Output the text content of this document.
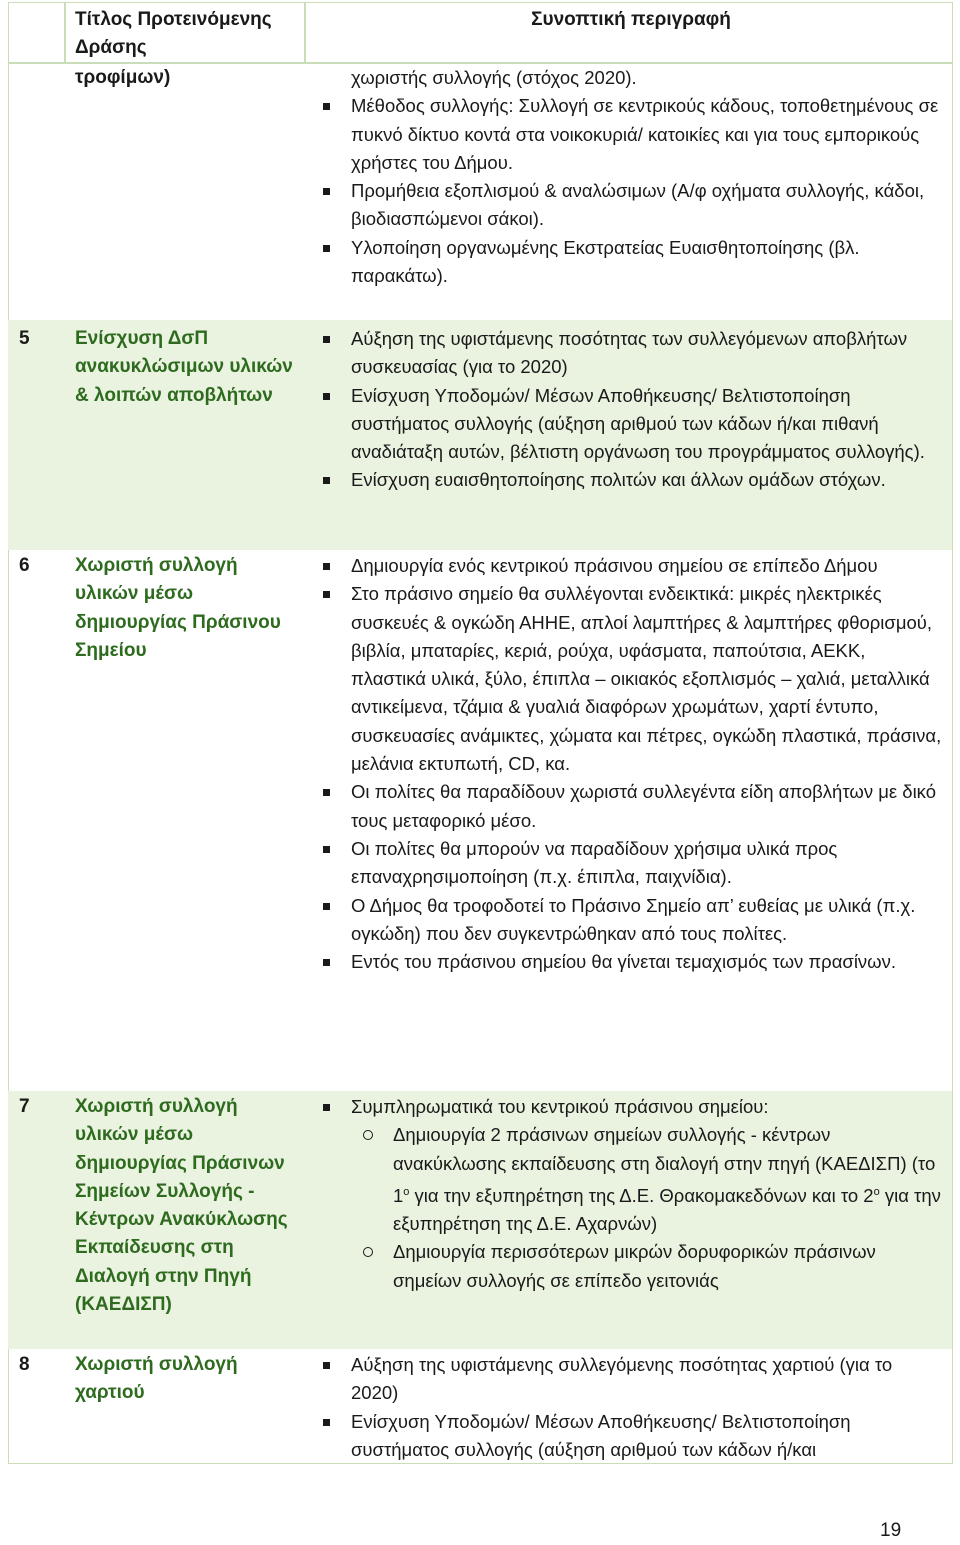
Τίτλος Προτεινόμενης Δράσης
Συνοπτική περιγραφή
τροφίμων)	χωριστής συλλογής (στόχος 2020).
Μέθοδος συλλογής: Συλλογή σε κεντρικούς κάδους, τοποθετημένους σε πυκνό δίκτυο κοντά στα νοικοκυριά/ κατοικίες και για τους εμπορικούς χρήστες του Δήμου.
Προμήθεια εξοπλισμού & αναλώσιμων (Α/φ οχήματα συλλογής, κάδοι, βιοδιασπώμενοι σάκοι).
Υλοποίηση οργανωμένης Εκστρατείας Ευαισθητοποίησης (βλ. παρακάτω).
5	Ενίσχυση ΔσΠ ανακυκλώσιμων υλικών & λοιπών αποβλήτων
Αύξηση της υφιστάμενης ποσότητας των συλλεγόμενων αποβλήτων συσκευασίας (για το 2020)
Ενίσχυση Υποδομών/ Μέσων Αποθήκευσης/ Βελτιστοποίηση συστήματος συλλογής (αύξηση αριθμού των κάδων ή/και πιθανή αναδιάταξη αυτών, βέλτιστη οργάνωση του προγράμματος συλλογής).
Ενίσχυση ευαισθητοποίησης πολιτών και άλλων ομάδων στόχων.
6	Χωριστή συλλογή υλικών μέσω δημιουργίας Πράσινου Σημείου
Δημιουργία ενός κεντρικού πράσινου σημείου σε επίπεδο Δήμου
Στο πράσινο σημείο θα συλλέγονται ενδεικτικά: μικρές ηλεκτρικές συσκευές & ογκώδη ΑΗΗΕ, απλοί λαμπτήρες & λαμπτήρες φθορισμού, βιβλία, μπαταρίες, κεριά, ρούχα, υφάσματα, παπούτσια, ΑΕΚΚ, πλαστικά υλικά, ξύλο, έπιπλα – οικιακός εξοπλισμός – χαλιά, μεταλλικά αντικείμενα, τζάμια & γυαλιά διαφόρων χρωμάτων, χαρτί έντυπο, συσκευασίες ανάμικτες, χώματα και πέτρες, ογκώδη πλαστικά, πράσινα, μελάνια εκτυπωτή, CD, κα.
Οι πολίτες θα παραδίδουν χωριστά συλλεγέντα είδη αποβλήτων με δικό τους μεταφορικό μέσο.
Οι πολίτες θα μπορούν να παραδίδουν χρήσιμα υλικά προς επαναχρησιμοποίηση (π.χ. έπιπλα, παιχνίδια).
Ο Δήμος θα τροφοδοτεί το Πράσινο Σημείο απ’ ευθείας με υλικά (π.χ. ογκώδη) που δεν συγκεντρώθηκαν από τους πολίτες.
Εντός του πράσινου σημείου θα γίνεται τεμαχισμός των πρασίνων.
7	Χωριστή συλλογή υλικών μέσω δημιουργίας Πράσινων Σημείων Συλλογής - Κέντρων Ανακύκλωσης Εκπαίδευσης στη Διαλογή στην Πηγή (ΚΑΕΔΙΣΠ)
Συμπληρωματικά του κεντρικού πράσινου σημείου:
Δημιουργία 2 πράσινων σημείων συλλογής - κέντρων ανακύκλωσης εκπαίδευσης στη διαλογή στην πηγή (ΚΑΕΔΙΣΠ) (το $1^o$ για την εξυπηρέτηση της Δ.Ε. Θρακομακεδόνων και το $2^o$ για την εξυπηρέτηση της Δ.Ε. Αχαρνών)
Δημιουργία περισσότερων μικρών δορυφορικών πράσινων σημείων συλλογής σε επίπεδο γειτονιάς
8	Χωριστή συλλογή χαρτιού
Αύξηση της υφιστάμενης συλλεγόμενης ποσότητας χαρτιού (για το 2020)
Ενίσχυση Υποδομών/ Μέσων Αποθήκευσης/ Βελτιστοποίηση συστήματος συλλογής (αύξηση αριθμού των κάδων ή/και
19
